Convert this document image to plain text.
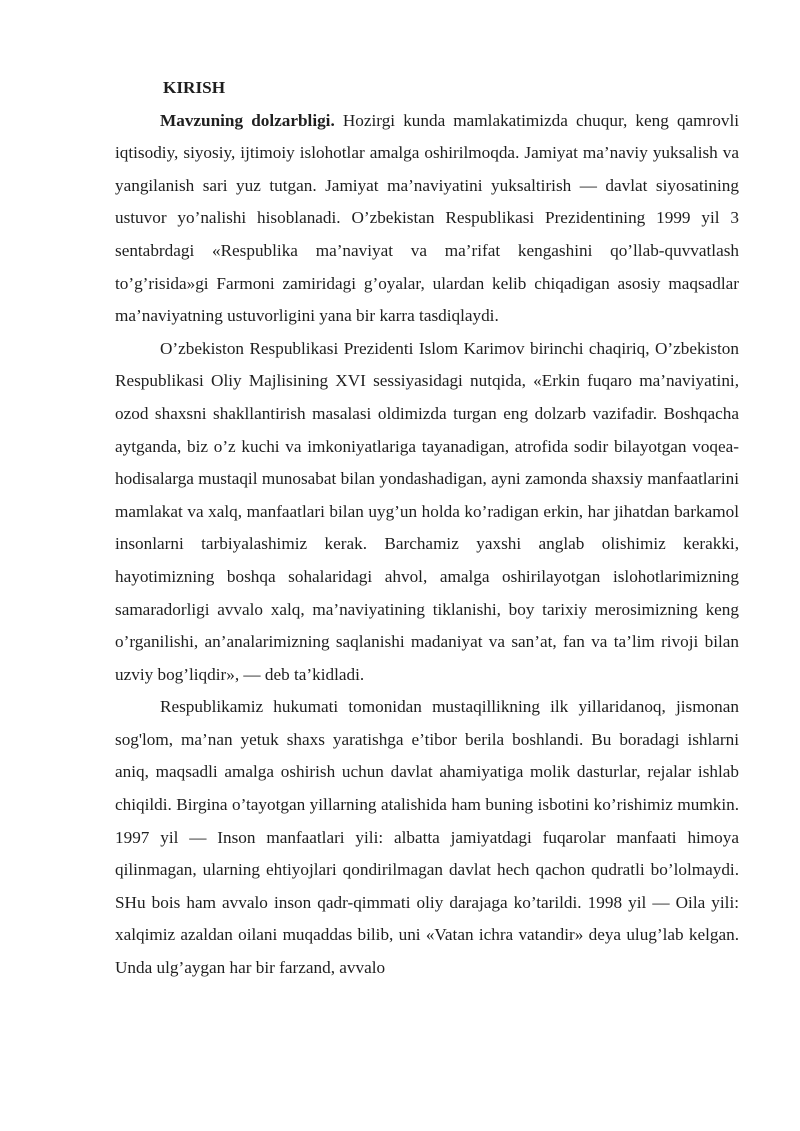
KIRISH

Mavzuning dolzarbligi. Hozirgi kunda mamlakatimizda chuqur, keng qamrovli iqtisodiy, siyosiy, ijtimoiy islohotlar amalga oshirilmoqda. Jamiyat ma’naviy yuksalish va yangilanish sari yuz tutgan. Jamiyat ma’naviyatini yuksaltirish — davlat siyosatining ustuvor yo’nalishi hisoblanadi. O’zbekistan Respublikasi Prezidentining 1999 yil 3 sentabrdagi «Respublika ma’naviyat va ma’rifat kengashini qo’llab-quvvatlash to’g’risida»gi Farmoni zamiridagi g’oyalar, ulardan kelib chiqadigan asosiy maqsadlar ma’naviyatning ustuvorligini yana bir karra tasdiqlaydi.

O’zbekiston Respublikasi Prezidenti Islom Karimov birinchi chaqiriq, O’zbekiston Respublikasi Oliy Majlisining XVI sessiyasidagi nutqida, «Erkin fuqaro ma’naviyatini, ozod shaxsni shakllantirish masalasi oldimizda turgan eng dolzarb vazifadir. Boshqacha aytganda, biz o’z kuchi va imkoniyatlariga tayanadigan, atrofida sodir bilayotgan voqea-hodisalarga mustaqil munosabat bilan yondashadigan, ayni zamonda shaxsiy manfaatlarini mamlakat va xalq, manfaatlari bilan uyg’un holda ko’radigan erkin, har jihatdan barkamol insonlarni tarbiyalashimiz kerak. Barchamiz yaxshi anglab olishimiz kerakki, hayotimizning boshqa sohalaridagi ahvol, amalga oshirilayotgan islohotlarimizning samaradorligi avvalo xalq, ma’naviyatining tiklanishi, boy tarixiy merosimizning keng o’rganilishi, an’analarimizning saqlanishi madaniyat va san’at, fan va ta’lim rivoji bilan uzviy bog’liqdir», — deb ta’kidladi.

Respublikamiz hukumati tomonidan mustaqillikning ilk yillaridanoq, jismonan sog'lom, ma’nan yetuk shaxs yaratishga e’tibor berila boshlandi. Bu boradagi ishlarni aniq, maqsadli amalga oshirish uchun davlat ahamiyatiga molik dasturlar, rejalar ishlab chiqildi. Birgina o’tayotgan yillarning atalishida ham buning isbotini ko’rishimiz mumkin. 1997 yil — Inson manfaatlari yili: albatta jamiyatdagi fuqarolar manfaati himoya qilinmagan, ularning ehtiyojlari qondirilmagan davlat hech qachon qudratli bo’lolmaydi. SHu bois ham avvalo inson qadr-qimmati oliy darajaga ko’tarildi. 1998 yil — Oila yili: xalqimiz azaldan oilani muqaddas bilib, uni «Vatan ichra vatandir» deya ulug’lab kelgan. Unda ulg’aygan har bir farzand, avvalo
